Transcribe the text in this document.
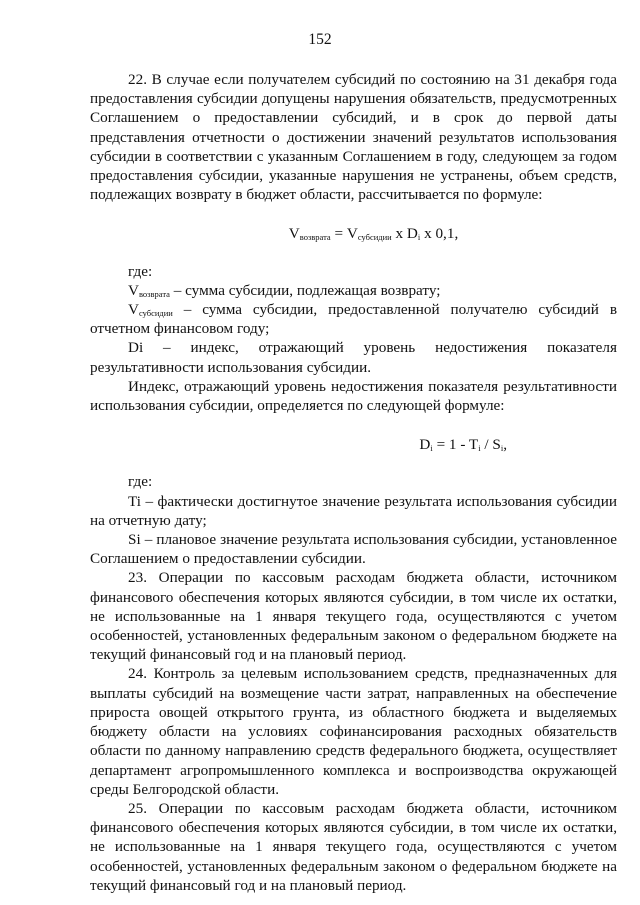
152

22. В случае если получателем субсидий по состоянию на 31 декабря года предоставления субсидии допущены нарушения обязательств, предусмотренных Соглашением о предоставлении субсидий, и в срок до первой даты представления отчетности о достижении значений результатов использования субсидии в соответствии с указанным Соглашением в году, следующем за годом предоставления субсидии, указанные нарушения не устранены, объем средств, подлежащих возврату в бюджет области, рассчитывается по формуле:

$V_{возврата} = V_{субсидии}$ x $D_i$ x 0,1,

где:

$V_{возврата}$ – сумма субсидии, подлежащая возврату;

$V_{субсидии}$ – сумма субсидии, предоставленной получателю субсидий в отчетном финансовом году;

Di – индекс, отражающий уровень недостижения показателя результативности использования субсидии.

Индекс, отражающий уровень недостижения показателя результативности использования субсидии, определяется по следующей формуле:

$D_i = 1 - T_i / S_i$,

где:

Ti – фактически достигнутое значение результата использования субсидии на отчетную дату;

Si – плановое значение результата использования субсидии, установленное Соглашением о предоставлении субсидии.

23. Операции по кассовым расходам бюджета области, источником финансового обеспечения которых являются субсидии, в том числе их остатки, не использованные на 1 января текущего года, осуществляются с учетом особенностей, установленных федеральным законом о федеральном бюджете на текущий финансовый год и на плановый период.

24. Контроль за целевым использованием средств, предназначенных для выплаты субсидий на возмещение части затрат, направленных на обеспечение прироста овощей открытого грунта, из областного бюджета и выделяемых бюджету области на условиях софинансирования расходных обязательств области по данному направлению средств федерального бюджета, осуществляет департамент агропромышленного комплекса и воспроизводства окружающей среды Белгородской области.

25. Операции по кассовым расходам бюджета области, источником финансового обеспечения которых являются субсидии, в том числе их остатки, не использованные на 1 января текущего года, осуществляются с учетом особенностей, установленных федеральным законом о федеральном бюджете на текущий финансовый год и на плановый период.
